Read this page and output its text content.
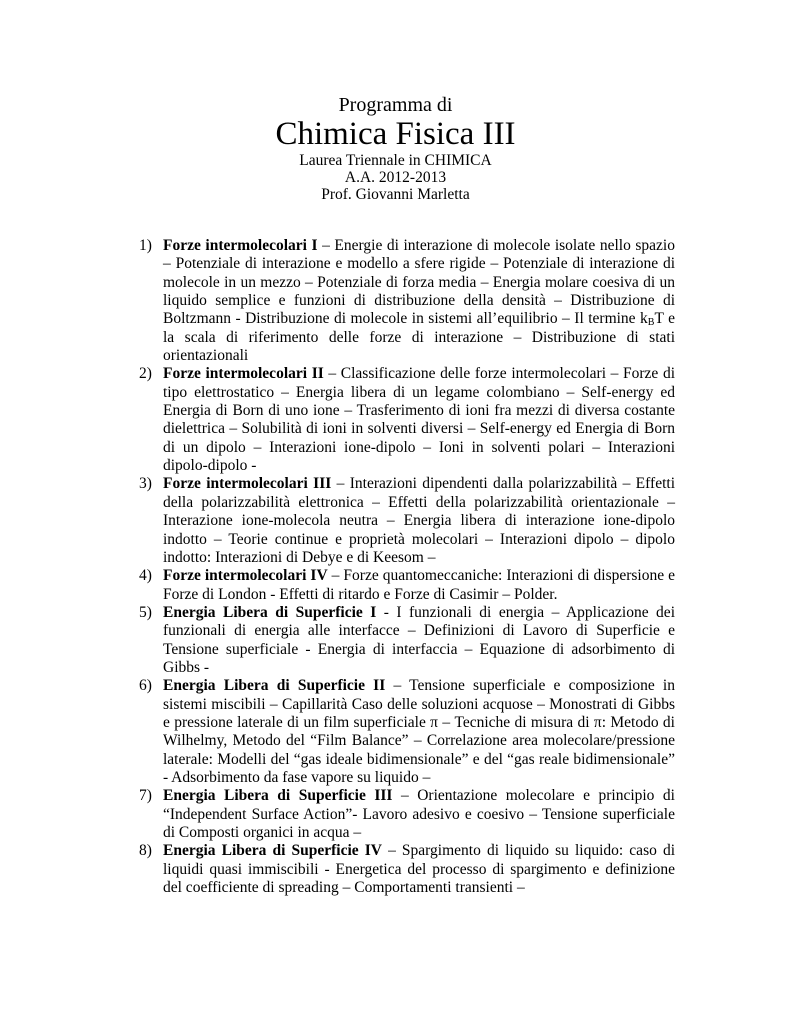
Programma di
Chimica Fisica III
Laurea Triennale in CHIMICA
A.A. 2012-2013
Prof. Giovanni Marletta
1) Forze intermolecolari I – Energie di interazione di molecole isolate nello spazio – Potenziale di interazione e modello a sfere rigide – Potenziale di interazione di molecole in un mezzo – Potenziale di forza media – Energia molare coesiva di un liquido semplice e funzioni di distribuzione della densità – Distribuzione di Boltzmann - Distribuzione di molecole in sistemi all’equilibrio – Il termine $k_BT$ e la scala di riferimento delle forze di interazione – Distribuzione di stati orientazionali
2) Forze intermolecolari II – Classificazione delle forze intermolecolari – Forze di tipo elettrostatico – Energia libera di un legame colombiano – Self-energy ed Energia di Born di uno ione – Trasferimento di ioni fra mezzi di diversa costante dielettrica – Solubilità di ioni in solventi diversi – Self-energy ed Energia di Born di un dipolo – Interazioni ione-dipolo – Ioni in solventi polari – Interazioni dipolo-dipolo -
3) Forze intermolecolari III – Interazioni dipendenti dalla polarizzabilità – Effetti della polarizzabilità elettronica – Effetti della polarizzabilità orientazionale – Interazione ione-molecola neutra – Energia libera di interazione ione-dipolo indotto – Teorie continue e proprietà molecolari – Interazioni dipolo – dipolo indotto: Interazioni di Debye e di Keesom –
4) Forze intermolecolari IV – Forze quantomeccaniche: Interazioni di dispersione e Forze di London - Effetti di ritardo e Forze di Casimir – Polder.
5) Energia Libera di Superficie I - I funzionali di energia – Applicazione dei funzionali di energia alle interfacce – Definizioni di Lavoro di Superficie e Tensione superficiale - Energia di interfaccia – Equazione di adsorbimento di Gibbs -
6) Energia Libera di Superficie II – Tensione superficiale e composizione in sistemi miscibili – Capillarità Caso delle soluzioni acquose – Monostrati di Gibbs e pressione laterale di un film superficiale π – Tecniche di misura di π: Metodo di Wilhelmy, Metodo del “Film Balance” – Correlazione area molecolare/pressione laterale: Modelli del “gas ideale bidimensionale” e del “gas reale bidimensionale” - Adsorbimento da fase vapore su liquido –
7) Energia Libera di Superficie III – Orientazione molecolare e principio di “Independent Surface Action”- Lavoro adesivo e coesivo – Tensione superficiale di Composti organici in acqua –
8) Energia Libera di Superficie IV – Spargimento di liquido su liquido: caso di liquidi quasi immiscibili - Energetica del processo di spargimento e definizione del coefficiente di spreading – Comportamenti transienti –
